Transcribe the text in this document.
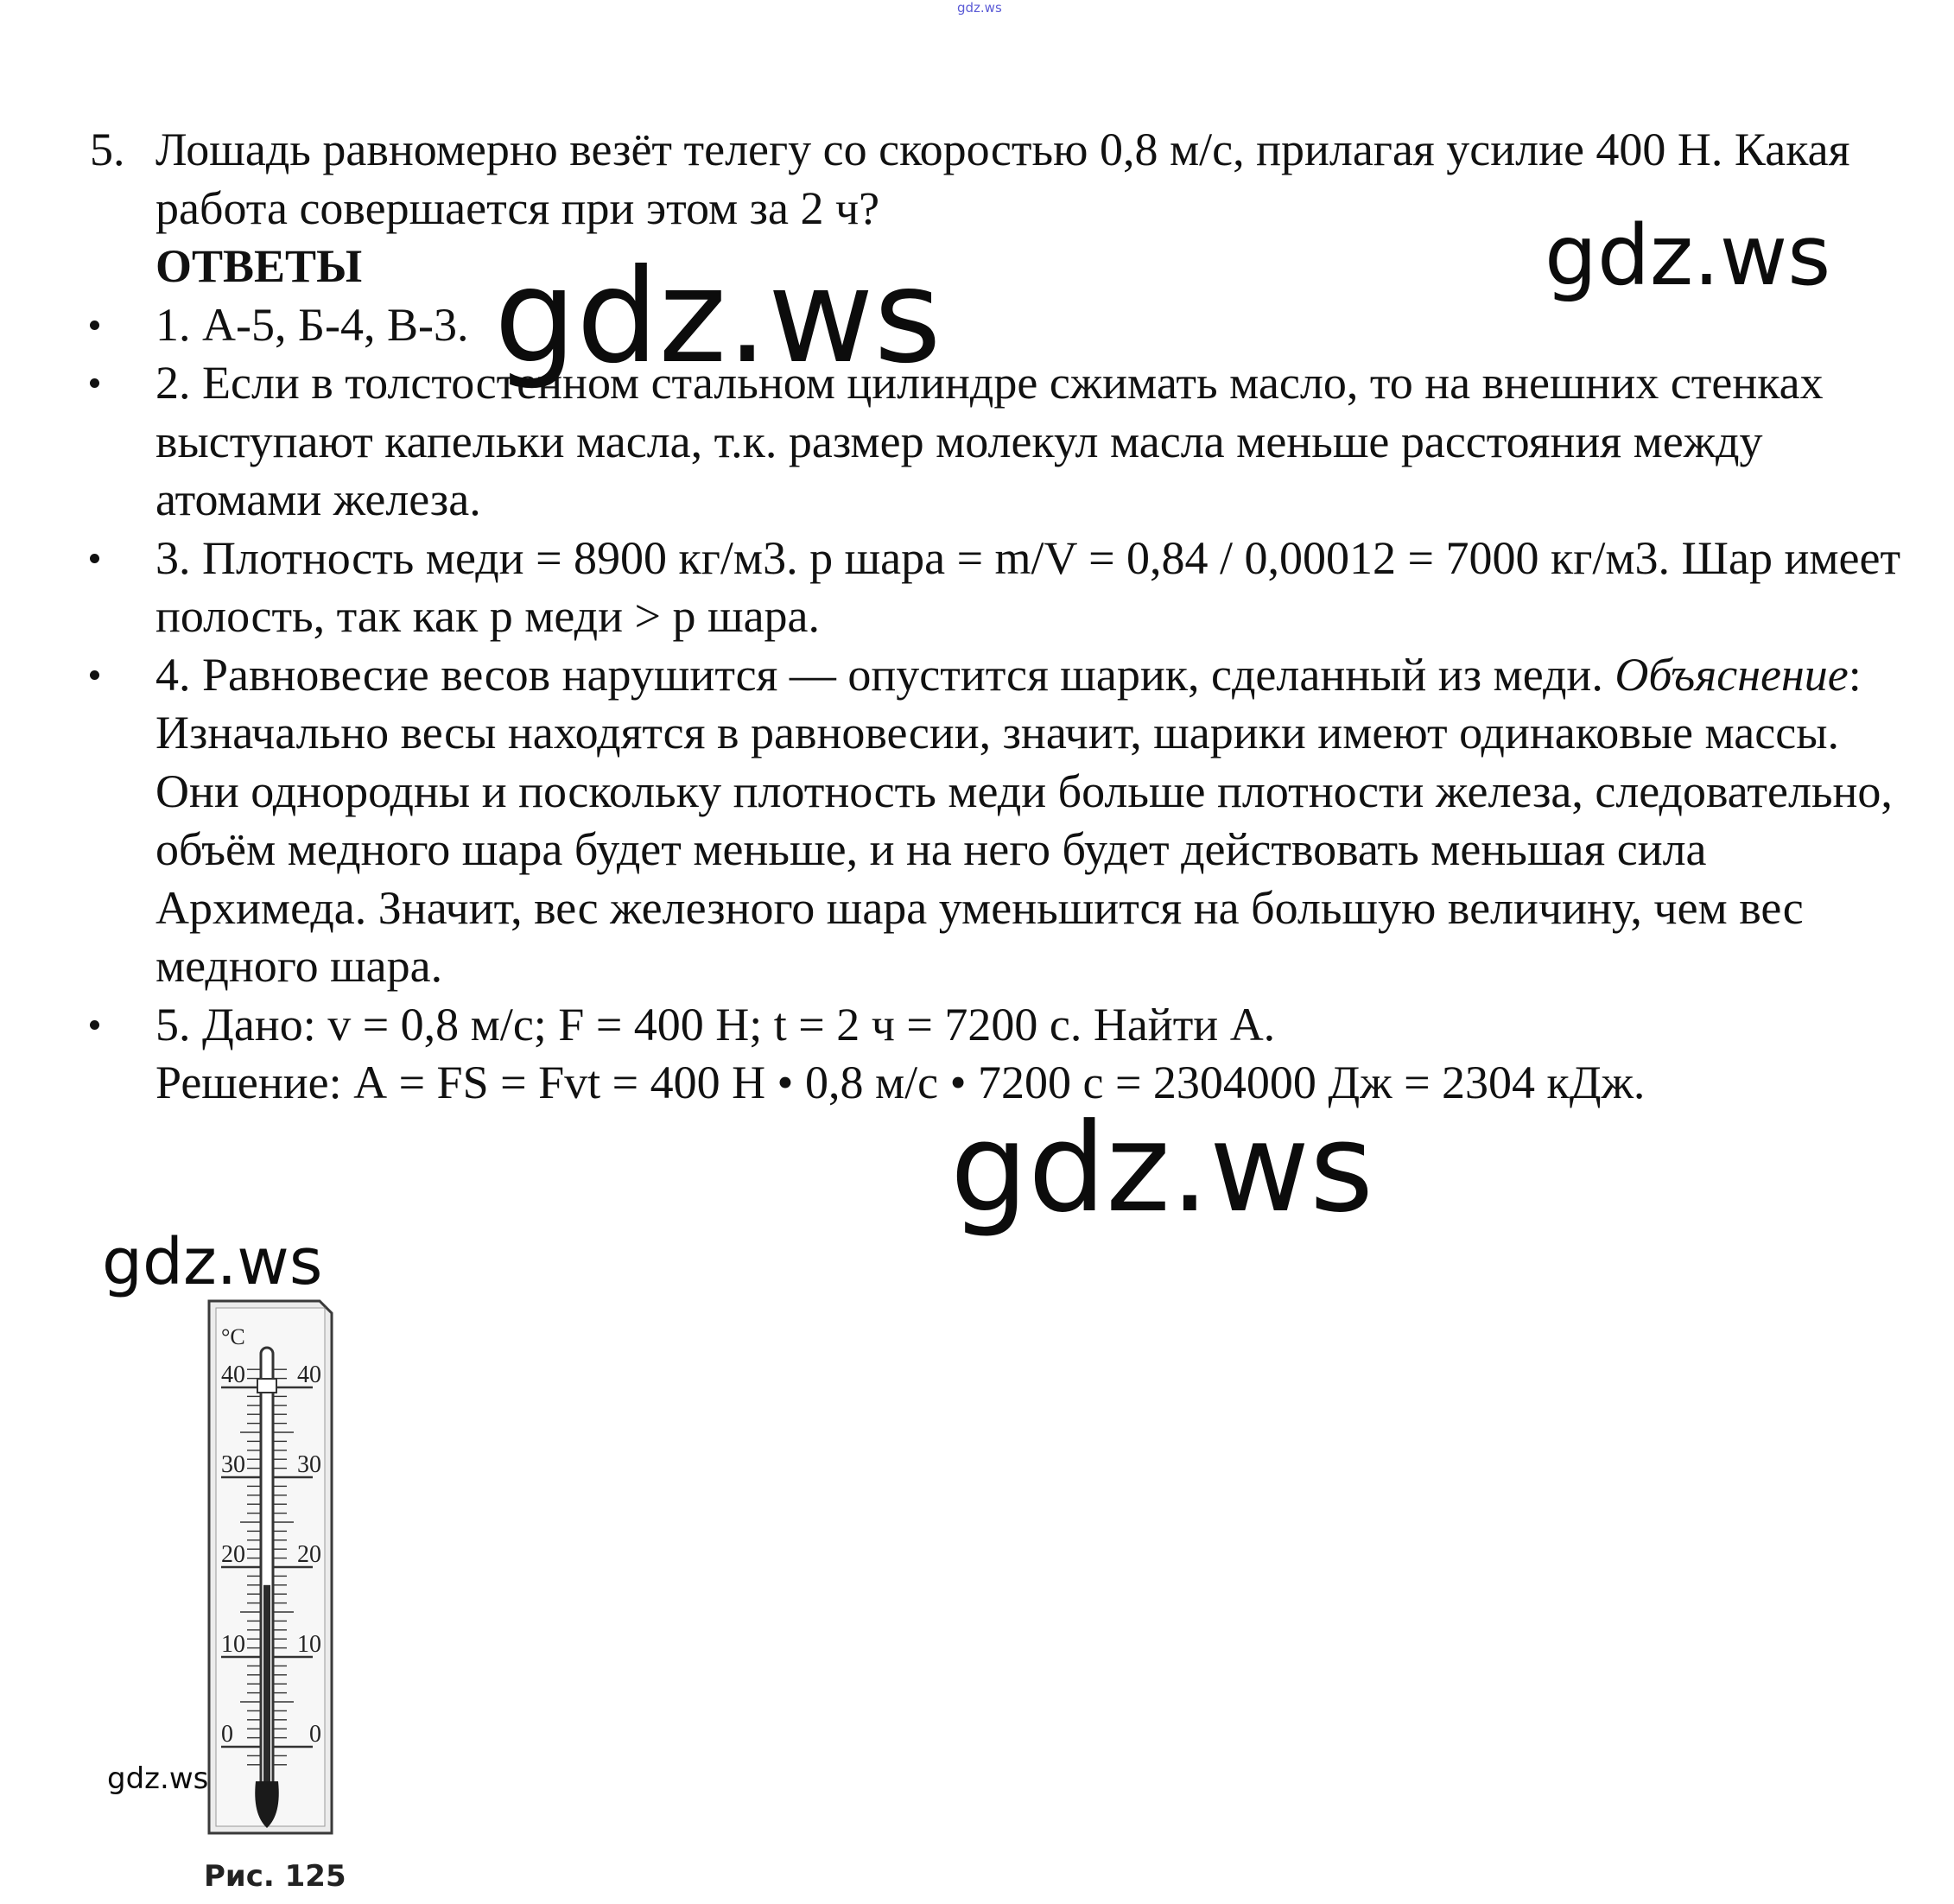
gdz.ws
5. Лошадь равномерно везёт телегу со скоростью 0,8 м/с, прилагая усилие 400 Н. Какая работа совершается при этом за 2 ч?
ОТВЕТЫ
1. А-5, Б-4, В-3.
2. Если в толстостенном стальном цилиндре сжимать масло, то на внешних стенках выступают капельки масла, т.к. размер молекул масла меньше расстояния между атомами железа.
3. Плотность меди = 8900 кг/м3. р шара = m/V = 0,84 / 0,00012 = 7000 кг/м3. Шар имеет полость, так как р меди > р шара.
4. Равновесие весов нарушится — опустится шарик, сделанный из меди. Объяснение: Изначально весы находятся в равновесии, значит, шарики имеют одинаковые массы. Они однородны и поскольку плотность меди больше плотности железа, следовательно, объём медного шара будет меньше, и на него будет действовать меньшая сила Архимеда. Значит, вес железного шара уменьшится на большую величину, чем вес медного шара.
5. Дано: v = 0,8 м/с; F = 400 Н; t = 2 ч = 7200 с. Найти А.
Решение: А = FS = Fvt = 400 Н • 0,8 м/с • 7200 с = 2304000 Дж = 2304 кДж.
gdz.ws
gdz.ws
gdz.ws
gdz.ws
°C
40
30
20
10
0
40
30
20
10
0
gdz.ws
Рис. 125
